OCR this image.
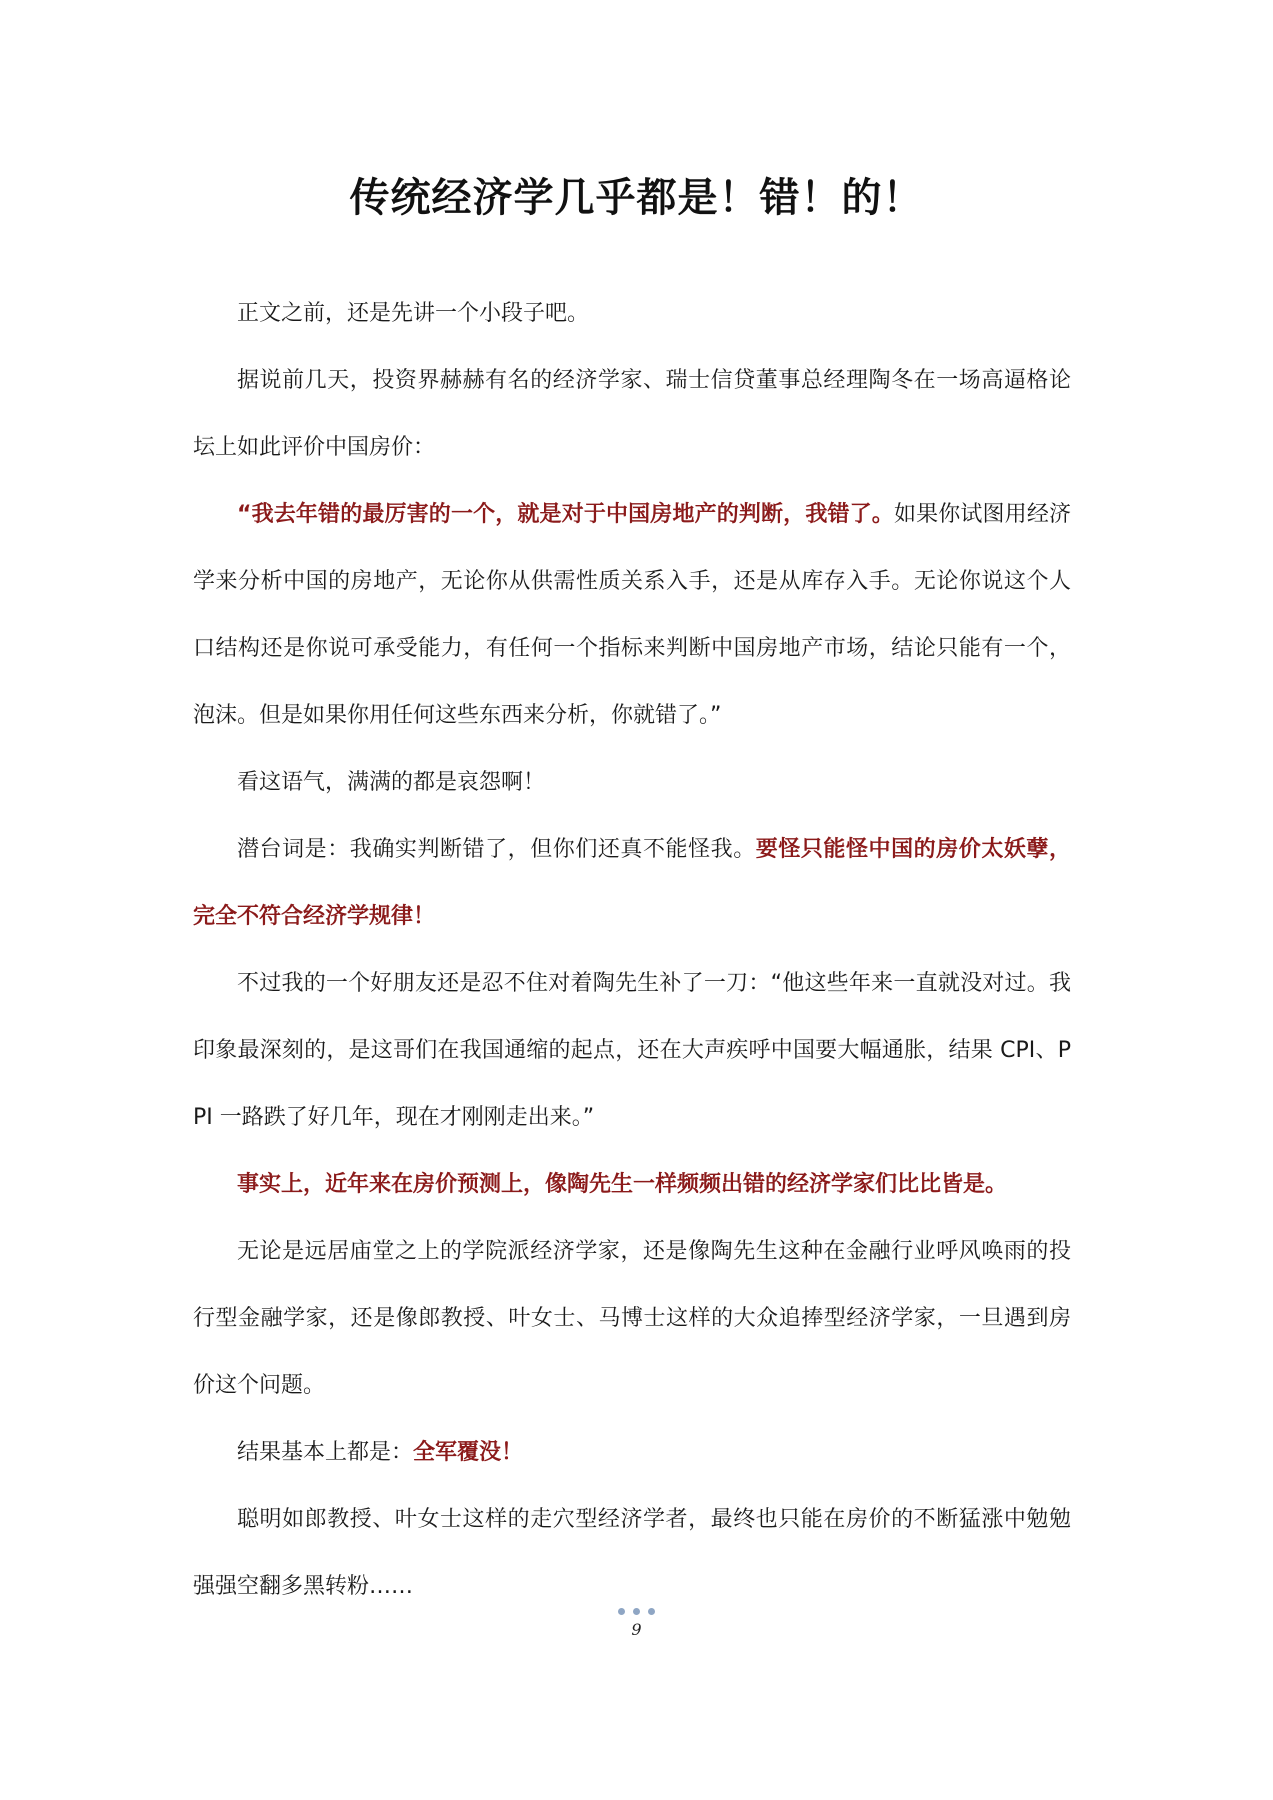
传统经济学几乎都是！错！的！

正文之前，还是先讲一个小段子吧。

据说前几天，投资界赫赫有名的经济学家、瑞士信贷董事总经理陶冬在一场高逼格论坛上如此评价中国房价：

“我去年错的最厉害的一个，就是对于中国房地产的判断，我错了。如果你试图用经济学来分析中国的房地产，无论你从供需性质关系入手，还是从库存入手。无论你说这个人口结构还是你说可承受能力，有任何一个指标来判断中国房地产市场，结论只能有一个，泡沫。但是如果你用任何这些东西来分析，你就错了。”

看这语气，满满的都是哀怨啊！

潜台词是：我确实判断错了，但你们还真不能怪我。要怪只能怪中国的房价太妖孽，完全不符合经济学规律！

不过我的一个好朋友还是忍不住对着陶先生补了一刀：“他这些年来一直就没对过。我印象最深刻的，是这哥们在我国通缩的起点，还在大声疾呼中国要大幅通胀，结果 CPI、PPI 一路跌了好几年，现在才刚刚走出来。”

事实上，近年来在房价预测上，像陶先生一样频频出错的经济学家们比比皆是。

无论是远居庙堂之上的学院派经济学家，还是像陶先生这种在金融行业呼风唤雨的投行型金融学家，还是像郎教授、叶女士、马博士这样的大众追捧型经济学家，一旦遇到房价这个问题。

结果基本上都是：全军覆没！

聪明如郎教授、叶女士这样的走穴型经济学者，最终也只能在房价的不断猛涨中勉勉强强空翻多黑转粉……

9
